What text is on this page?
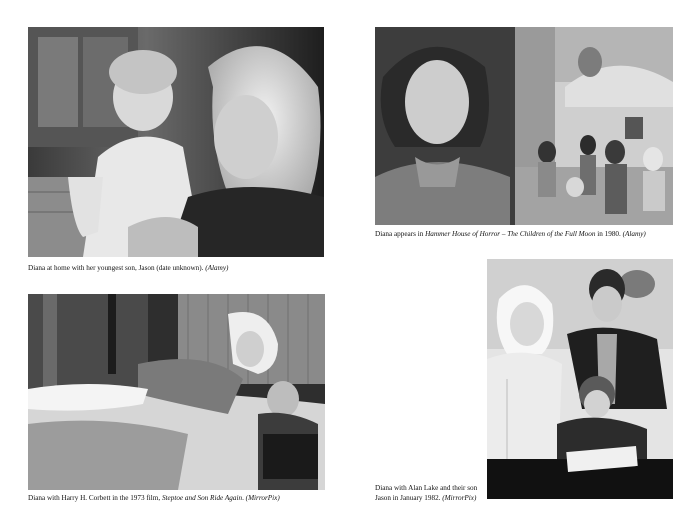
Diana at home with her youngest son, Jason (date unknown). (Alamy)
Diana appears in Hammer House of Horror – The Children of the Full Moon in 1980. (Alamy)
Diana with Harry H. Corbett in the 1973 film, Steptoe and Son Ride Again. (MirrorPix)
Diana with Alan Lake and their son
Jason in January 1982. (MirrorPix)
